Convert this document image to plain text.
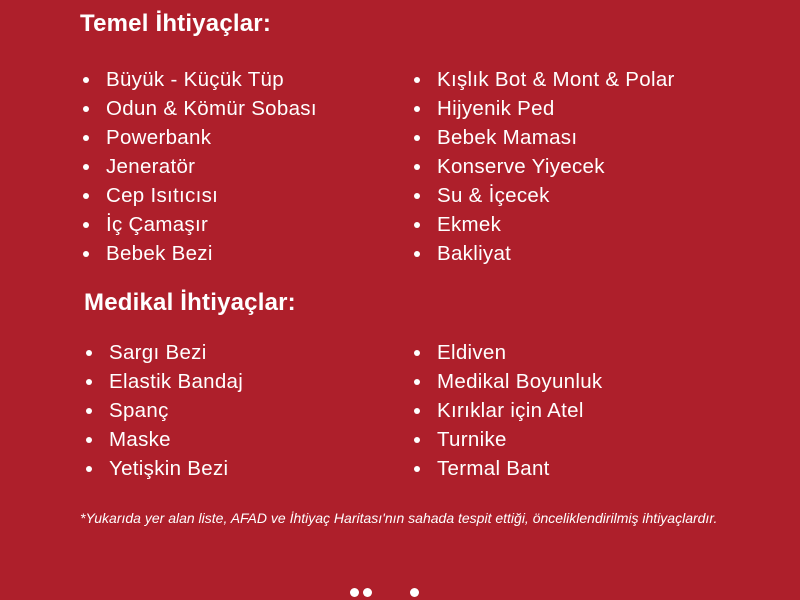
Temel İhtiyaçlar:
Büyük - Küçük Tüp
Odun & Kömür Sobası
Powerbank
Jeneratör
Cep Isıtıcısı
İç Çamaşır
Bebek Bezi
Kışlık Bot & Mont & Polar
Hijyenik Ped
Bebek Maması
Konserve Yiyecek
Su & İçecek
Ekmek
Bakliyat
Medikal İhtiyaçlar:
Sargı Bezi
Elastik Bandaj
Spanç
Maske
Yetişkin Bezi
Eldiven
Medikal Boyunluk
Kırıklar için Atel
Turnike
Termal Bant

*Yukarıda yer alan liste, AFAD ve İhtiyaç Haritası'nın sahada tespit ettiği, önceliklendirilmiş ihtiyaçlardır.
